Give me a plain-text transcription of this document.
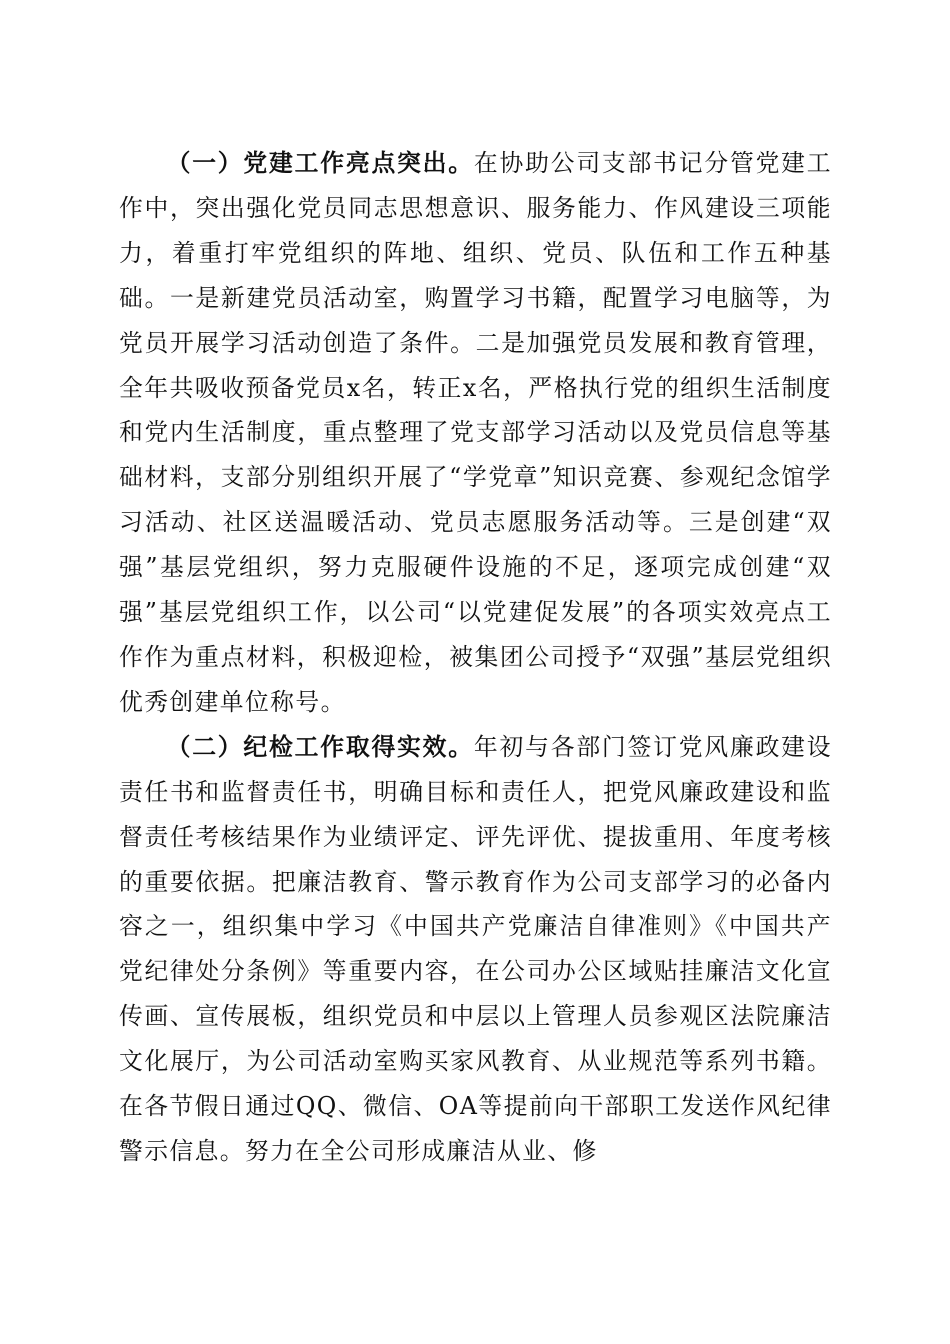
（一）党建工作亮点突出。在协助公司支部书记分管党建工作中，突出强化党员同志思想意识、服务能力、作风建设三项能力，着重打牢党组织的阵地、组织、党员、队伍和工作五种基础。一是新建党员活动室，购置学习书籍，配置学习电脑等，为党员开展学习活动创造了条件。二是加强党员发展和教育管理，全年共吸收预备党员x名，转正x名，严格执行党的组织生活制度和党内生活制度，重点整理了党支部学习活动以及党员信息等基础材料，支部分别组织开展了“学党章”知识竞赛、参观纪念馆学习活动、社区送温暖活动、党员志愿服务活动等。三是创建“双强”基层党组织，努力克服硬件设施的不足，逐项完成创建“双强”基层党组织工作，以公司“以党建促发展”的各项实效亮点工作作为重点材料，积极迎检，被集团公司授予“双强”基层党组织优秀创建单位称号。

（二）纪检工作取得实效。年初与各部门签订党风廉政建设责任书和监督责任书，明确目标和责任人，把党风廉政建设和监督责任考核结果作为业绩评定、评先评优、提拔重用、年度考核的重要依据。把廉洁教育、警示教育作为公司支部学习的必备内容之一，组织集中学习《中国共产党廉洁自律准则》《中国共产党纪律处分条例》等重要内容，在公司办公区域贴挂廉洁文化宣传画、宣传展板，组织党员和中层以上管理人员参观区法院廉洁文化展厅，为公司活动室购买家风教育、从业规范等系列书籍。在各节假日通过QQ、微信、OA等提前向干部职工发送作风纪律警示信息。努力在全公司形成廉洁从业、修
